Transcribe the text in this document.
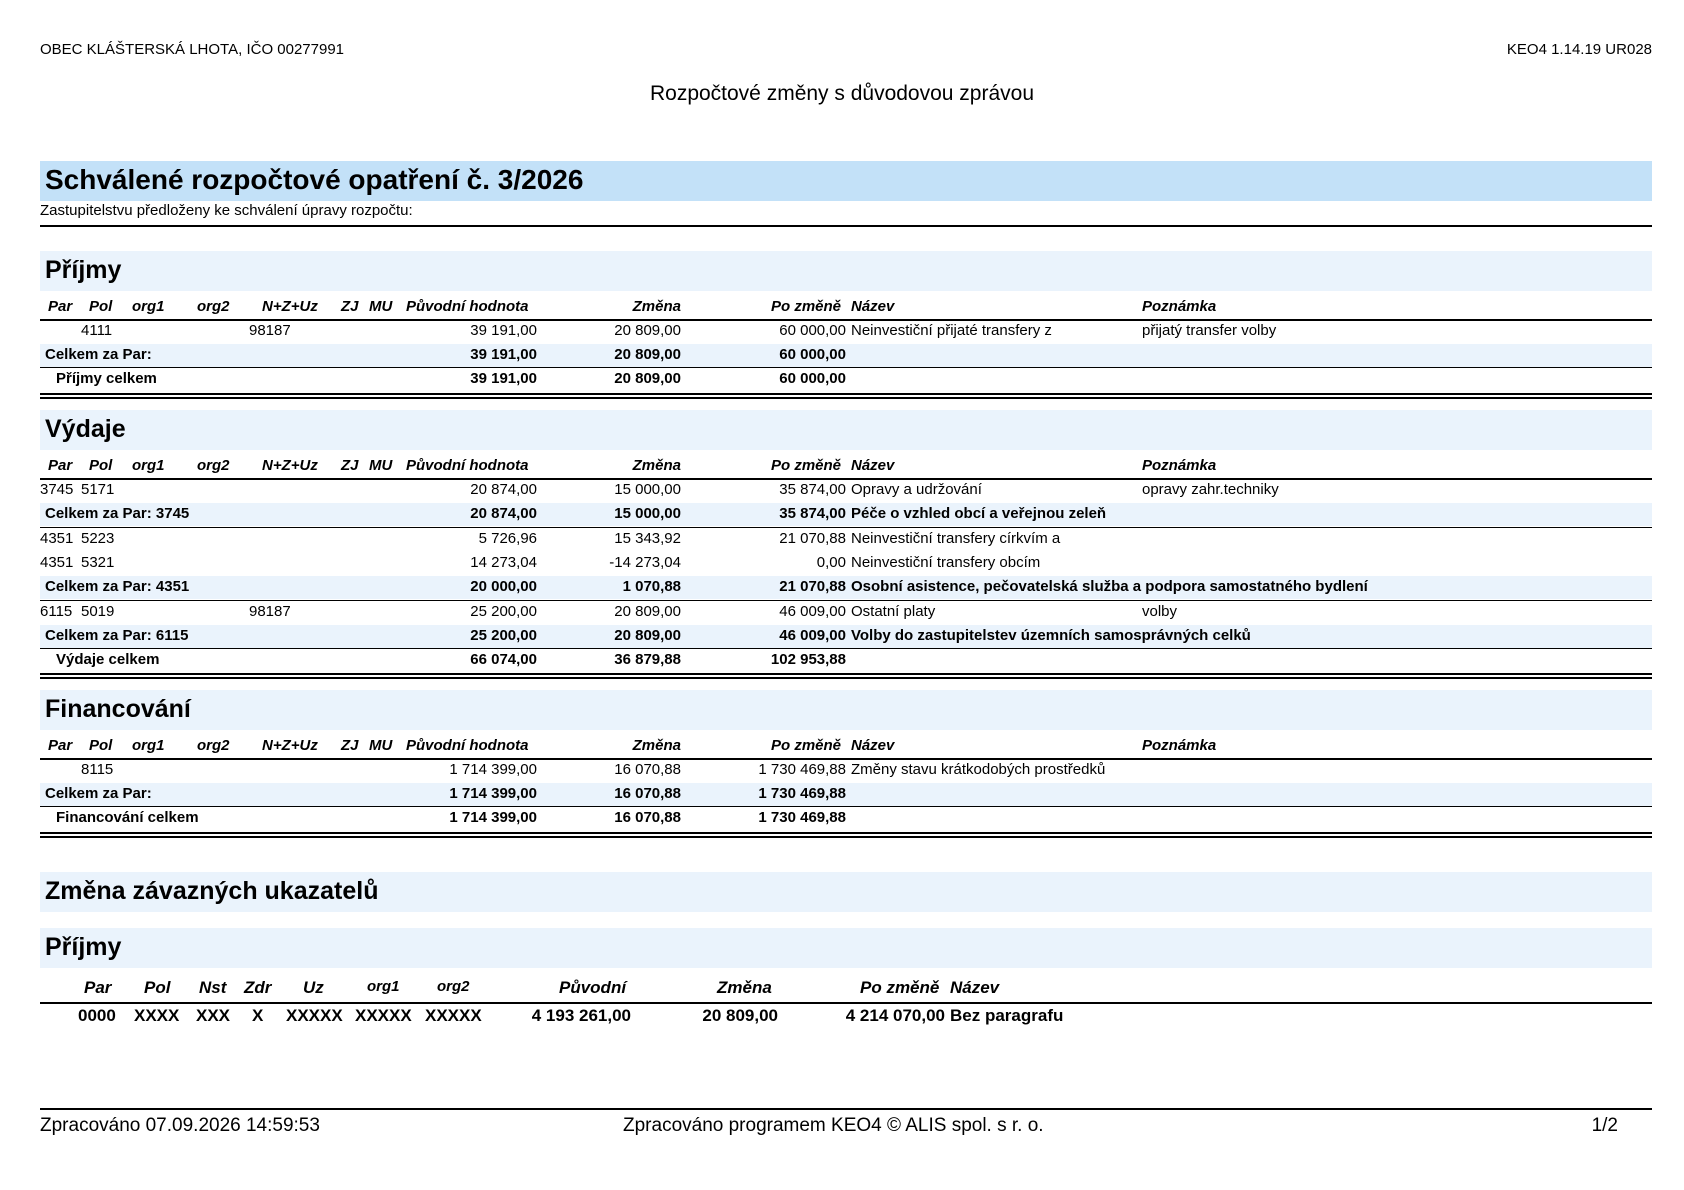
OBEC KLÁŠTERSKÁ LHOTA, IČO 00277991	KEO4 1.14.19 UR028
Rozpočtové změny s důvodovou zprávou
Schválené rozpočtové opatření č. 3/2026
Zastupitelstvu předloženy ke schválení úpravy rozpočtu:
Příjmy
Par Pol org1 org2 N+Z+Uz ZJ MU Původní hodnota	Změna	Po změně Název	Poznámka
4111	98187	39 191,00	20 809,00	60 000,00 Neinvestiční přijaté transfery z	přijatý transfer volby
Celkem za Par:	39 191,00	20 809,00	60 000,00
Příjmy celkem	39 191,00	20 809,00	60 000,00
Výdaje
Par Pol org1 org2 N+Z+Uz ZJ MU Původní hodnota	Změna	Po změně Název	Poznámka
3745 5171	20 874,00	15 000,00	35 874,00 Opravy a udržování	opravy zahr.techniky
Celkem za Par: 3745	20 874,00	15 000,00	35 874,00 Péče o vzhled obcí a veřejnou zeleň
4351 5223	5 726,96	15 343,92	21 070,88 Neinvestiční transfery církvím a
4351 5321	14 273,04	-14 273,04	0,00 Neinvestiční transfery obcím
Celkem za Par: 4351	20 000,00	1 070,88	21 070,88 Osobní asistence, pečovatelská služba a podpora samostatného bydlení
6115 5019	98187	25 200,00	20 809,00	46 009,00 Ostatní platy	volby
Celkem za Par: 6115	25 200,00	20 809,00	46 009,00 Volby do zastupitelstev územních samosprávných celků
Výdaje celkem	66 074,00	36 879,88	102 953,88
Financování
Par Pol org1 org2 N+Z+Uz ZJ MU Původní hodnota	Změna	Po změně Název	Poznámka
8115	1 714 399,00	16 070,88	1 730 469,88 Změny stavu krátkodobých prostředků
Celkem za Par:	1 714 399,00	16 070,88	1 730 469,88
Financování celkem	1 714 399,00	16 070,88	1 730 469,88
Změna závazných ukazatelů
Příjmy
Par Pol Nst Zdr Uz	org1 org2	Původní	Změna	Po změně Název
0000 XXXX XXX X XXXXX XXXXX XXXXX	4 193 261,00	20 809,00	4 214 070,00 Bez paragrafu
Zpracováno 07.09.2026 14:59:53	Zpracováno programem KEO4 © ALIS spol. s r. o.	1/2
